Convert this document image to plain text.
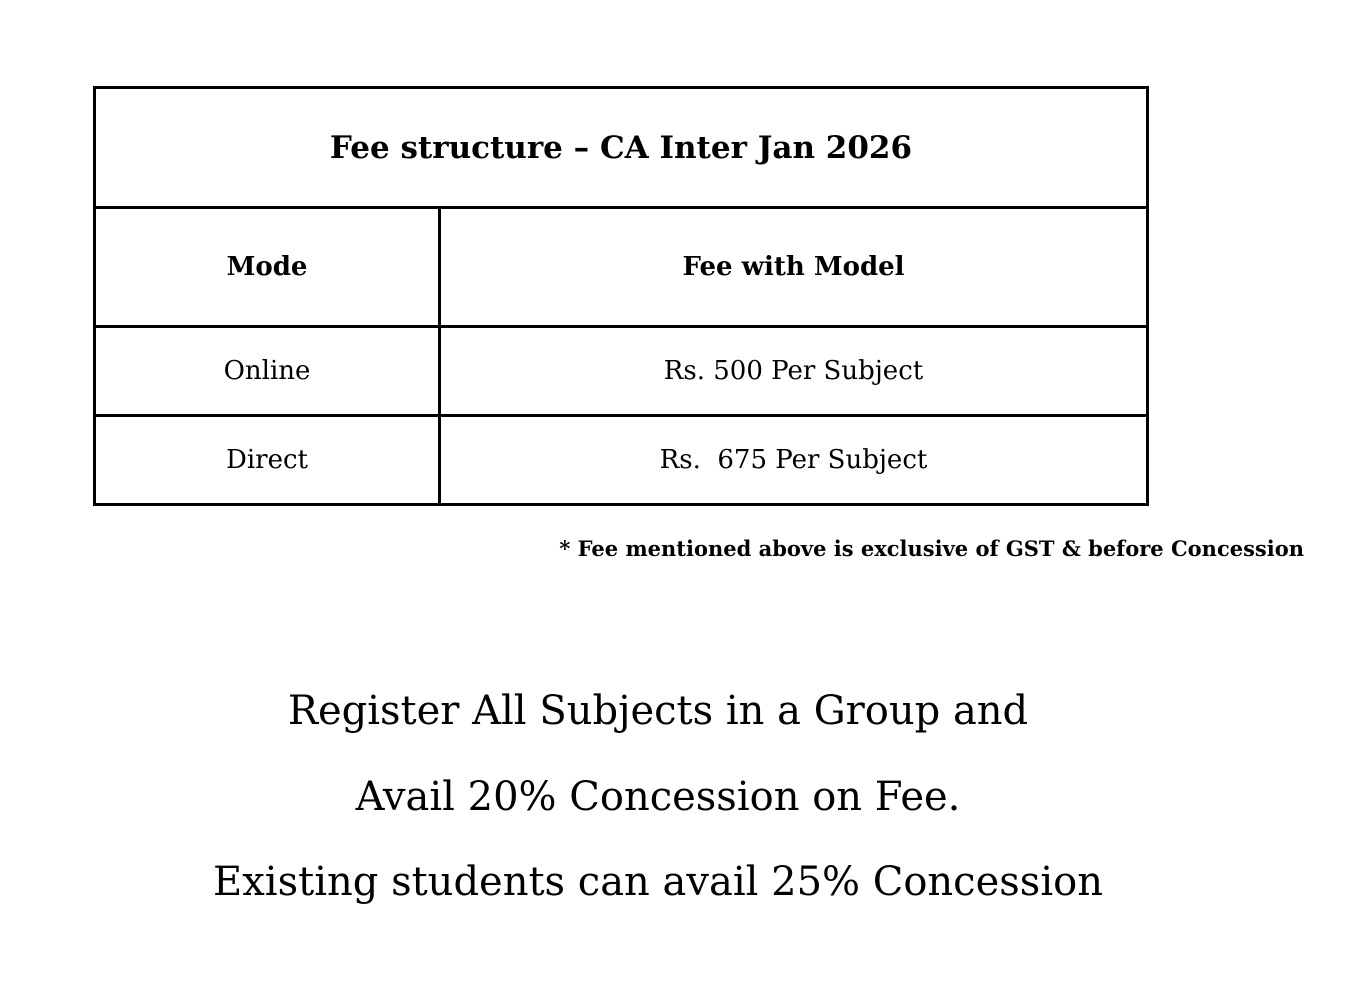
Fee structure – CA Inter Jan 2026	
Mode	Fee with Model
Online	Rs. 500 Per Subject
Direct	Rs.  675 Per Subject
* Fee mentioned above is exclusive of GST & before Concession
Register All Subjects in a Group and
Avail 20% Concession on Fee.
Existing students can avail 25% Concession
